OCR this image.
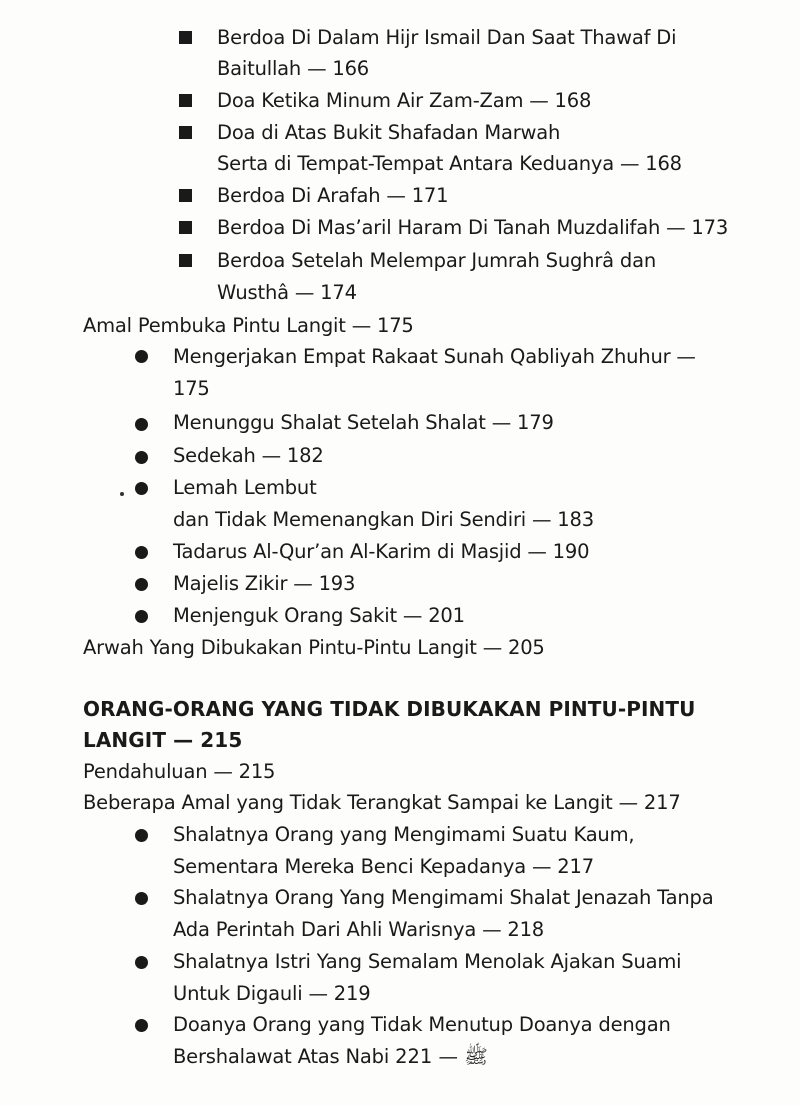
Berdoa Di Dalam Hijr Ismail Dan Saat Thawaf Di
Baitullah — 166
Doa Ketika Minum Air Zam-Zam — 168
Doa di Atas Bukit Shafadan Marwah
Serta di Tempat-Tempat Antara Keduanya — 168
Berdoa Di Arafah — 171
Berdoa Di Mas’aril Haram Di Tanah Muzdalifah — 173
Berdoa Setelah Melempar Jumrah Sughrâ dan
Wusthâ — 174
Amal Pembuka Pintu Langit — 175
Mengerjakan Empat Rakaat Sunah Qabliyah Zhuhur —
175
Menunggu Shalat Setelah Shalat — 179
Sedekah — 182
Lemah Lembut
dan Tidak Memenangkan Diri Sendiri — 183
Tadarus Al-Qur’an Al-Karim di Masjid — 190
Majelis Zikir — 193
Menjenguk Orang Sakit — 201
Arwah Yang Dibukakan Pintu-Pintu Langit — 205
ORANG-ORANG YANG TIDAK DIBUKAKAN PINTU-PINTU
LANGIT — 215
Pendahuluan — 215
Beberapa Amal yang Tidak Terangkat Sampai ke Langit — 217
Shalatnya Orang yang Mengimami Suatu Kaum,
Sementara Mereka Benci Kepadanya — 217
Shalatnya Orang Yang Mengimami Shalat Jenazah Tanpa
Ada Perintah Dari Ahli Warisnya — 218
Shalatnya Istri Yang Semalam Menolak Ajakan Suami
Untuk Digauli — 219
Doanya Orang yang Tidak Menutup Doanya dengan
Bershalawat Atas Nabi ﷺ — 221
